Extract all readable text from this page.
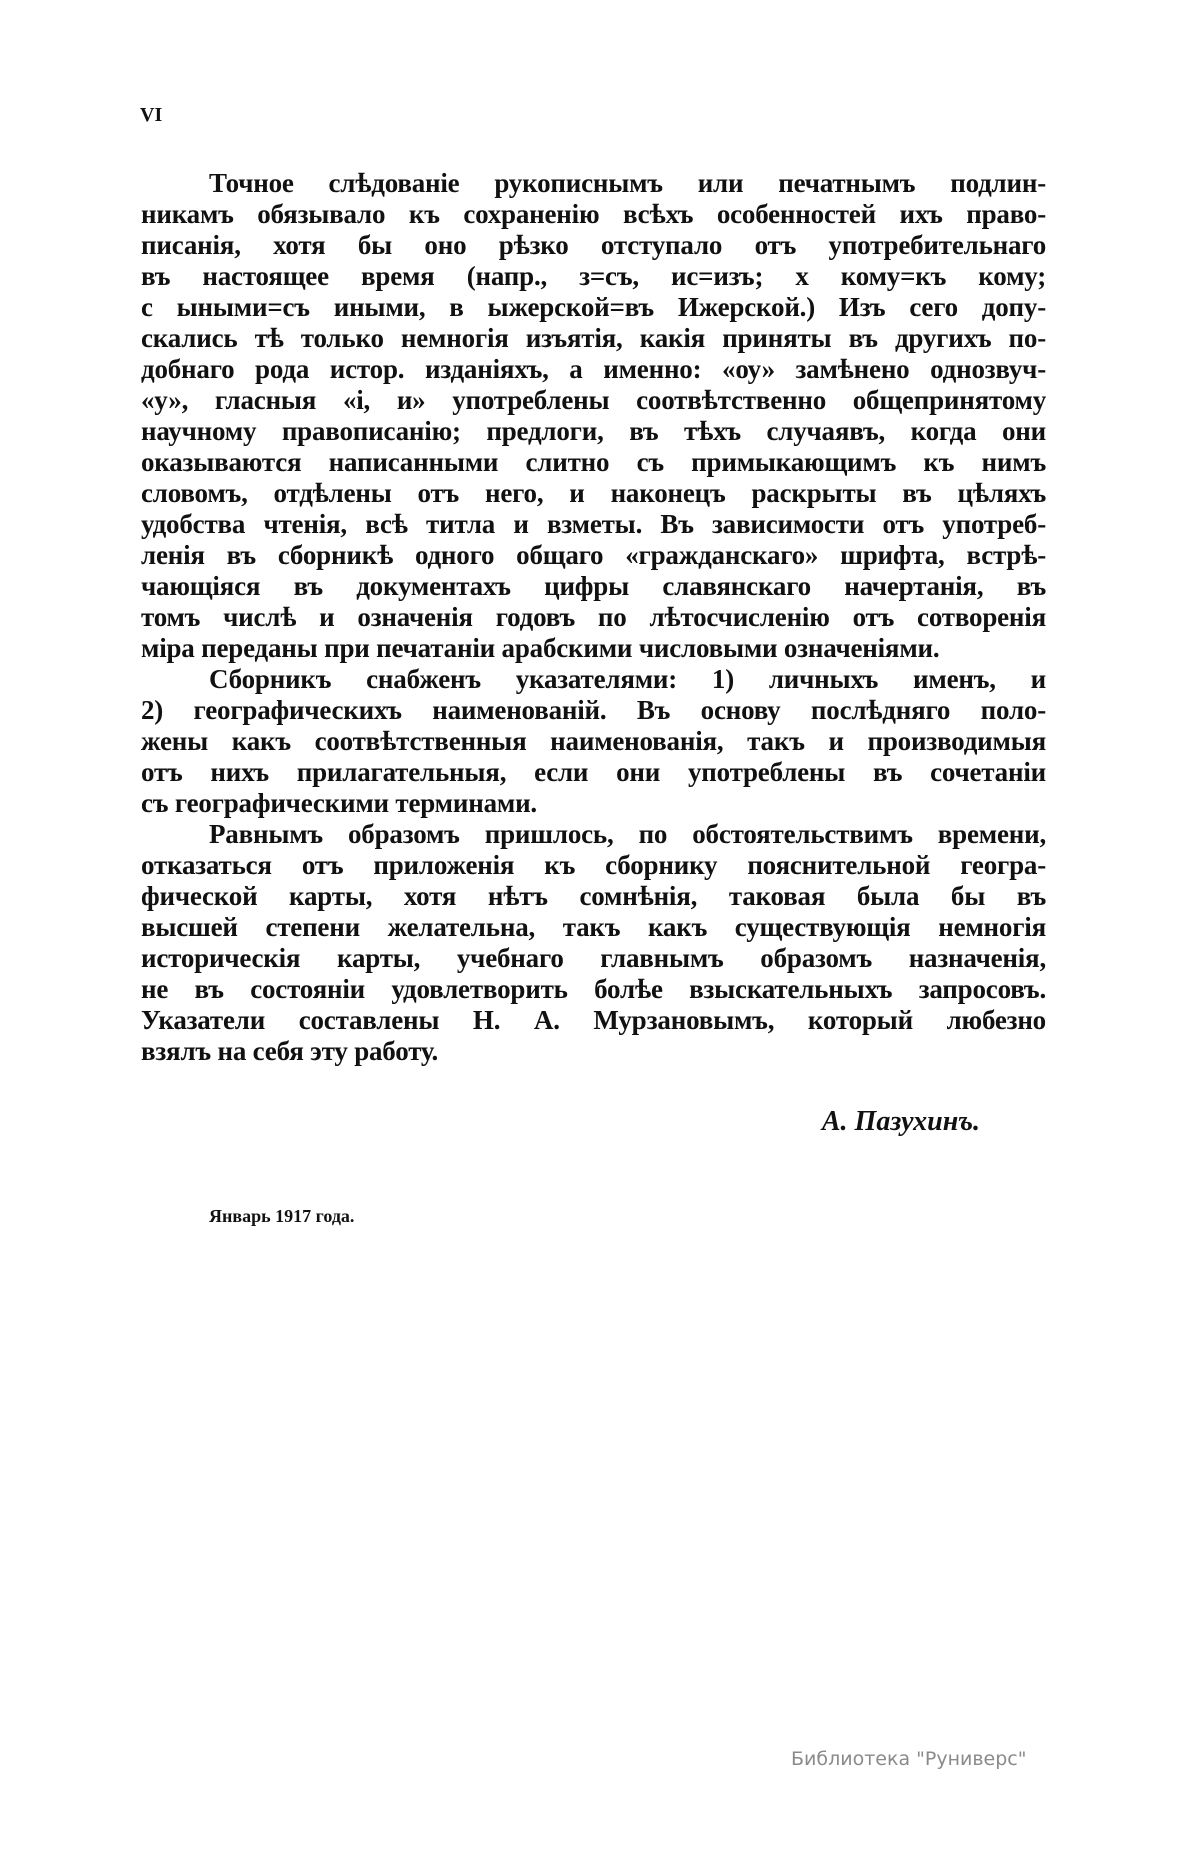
VI
Точное слѣдованіе рукописнымъ или печатнымъ подлин-
никамъ обязывало къ сохраненію всѣхъ особенностей ихъ право-
писанія, хотя бы оно рѣзко отступало отъ употребительнаго
въ настоящее время (напр., з=съ, ис=изъ; х кому=къ кому;
с ыными=съ иными, в ыжерской=въ Ижерской.) Изъ сего допу-
скались тѣ только немногія изъятія, какія приняты въ другихъ по-
добнаго рода истор. изданіяхъ, а именно: «оу» замѣнено однозвуч-
«у», гласныя «і, и» употреблены соотвѣтственно общепринятому
научному правописанію; предлоги, въ тѣхъ случаявъ, когда они
оказываются написанными слитно съ примыкающимъ къ нимъ
словомъ, отдѣлены отъ него, и наконецъ раскрыты въ цѣляхъ
удобства чтенія, всѣ титла и взметы. Въ зависимости отъ употреб-
ленія въ сборникѣ одного общаго «гражданскаго» шрифта, встрѣ-
чающіяся въ документахъ цифры славянскаго начертанія, въ
томъ числѣ и означенія годовъ по лѣтосчисленію отъ сотворенія
міра переданы при печатаніи арабскими числовыми означеніями.
Сборникъ снабженъ указателями: 1) личныхъ именъ, и
2) географическихъ наименованій. Въ основу послѣдняго поло-
жены какъ соотвѣтственныя наименованія, такъ и производимыя
отъ нихъ прилагательныя, если они употреблены въ сочетаніи
съ географическими терминами.
Равнымъ образомъ пришлось, по обстоятельствимъ времени,
отказаться отъ приложенія къ сборнику пояснительной геогра-
фической карты, хотя нѣтъ сомнѣнія, таковая была бы въ
высшей степени желательна, такъ какъ существующія немногія
историческія карты, учебнаго главнымъ образомъ назначенія,
не въ состояніи удовлетворить болѣе взыскательныхъ запросовъ.
Указатели составлены Н. А. Мурзановымъ, который любезно
взялъ на себя эту работу.
А. Пазухинъ.
Январь 1917 года.
Библиотека "Руниверс"
